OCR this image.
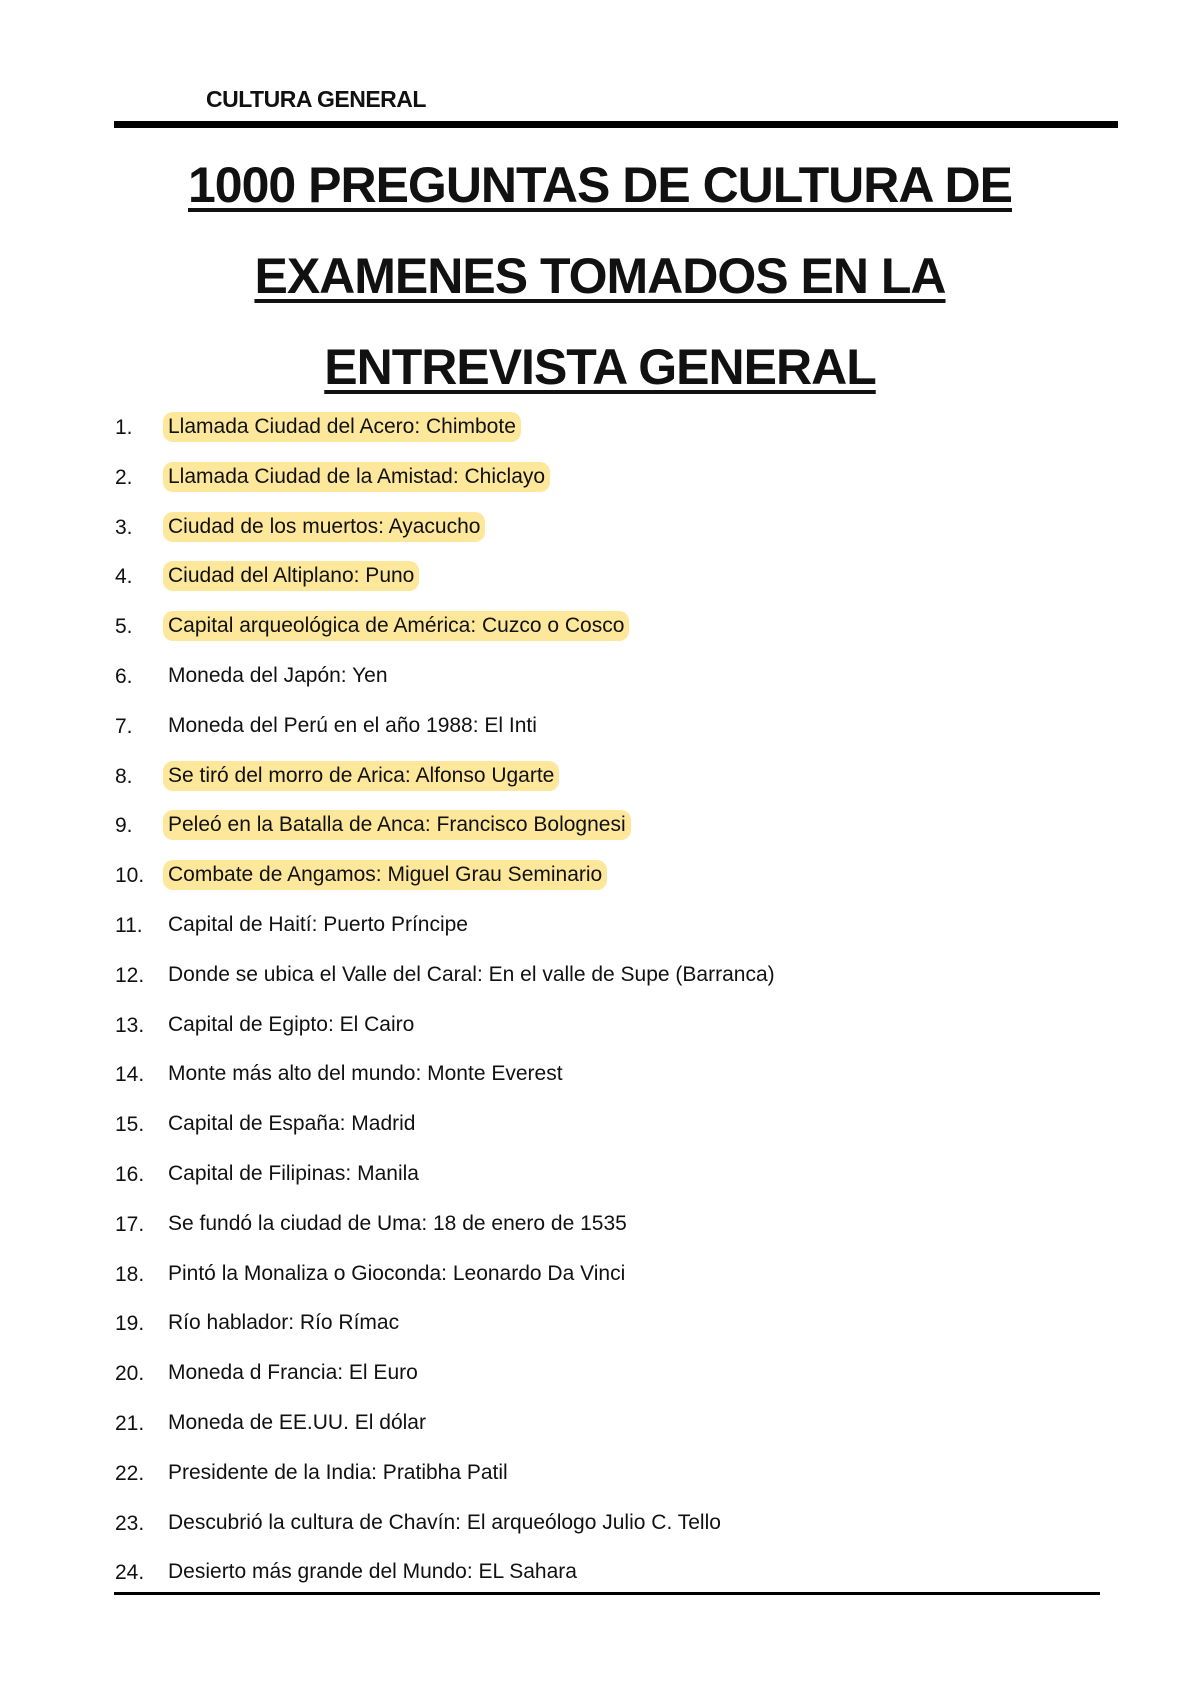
CULTURA GENERAL
1000 PREGUNTAS DE CULTURA DE
EXAMENES TOMADOS EN LA
ENTREVISTA GENERAL
1. Llamada Ciudad del Acero: Chimbote
2. Llamada Ciudad de la Amistad: Chiclayo
3. Ciudad de los muertos: Ayacucho
4. Ciudad del Altiplano: Puno
5. Capital arqueológica de América: Cuzco o Cosco
6. Moneda del Japón: Yen
7. Moneda del Perú en el año 1988: El Inti
8. Se tiró del morro de Arica: Alfonso Ugarte
9. Peleó en la Batalla de Anca: Francisco Bolognesi
10. Combate de Angamos: Miguel Grau Seminario
11. Capital de Haití: Puerto Príncipe
12. Donde se ubica el Valle del Caral: En el valle de Supe (Barranca)
13. Capital de Egipto: El Cairo
14. Monte más alto del mundo: Monte Everest
15. Capital de España: Madrid
16. Capital de Filipinas: Manila
17. Se fundó la ciudad de Uma: 18 de enero de 1535
18. Pintó la Monaliza o Gioconda: Leonardo Da Vinci
19. Río hablador: Río Rímac
20. Moneda d Francia: El Euro
21. Moneda de EE.UU. El dólar
22. Presidente de la India: Pratibha Patil
23. Descubrió la cultura de Chavín: El arqueólogo Julio C. Tello
24. Desierto más grande del Mundo: EL Sahara
